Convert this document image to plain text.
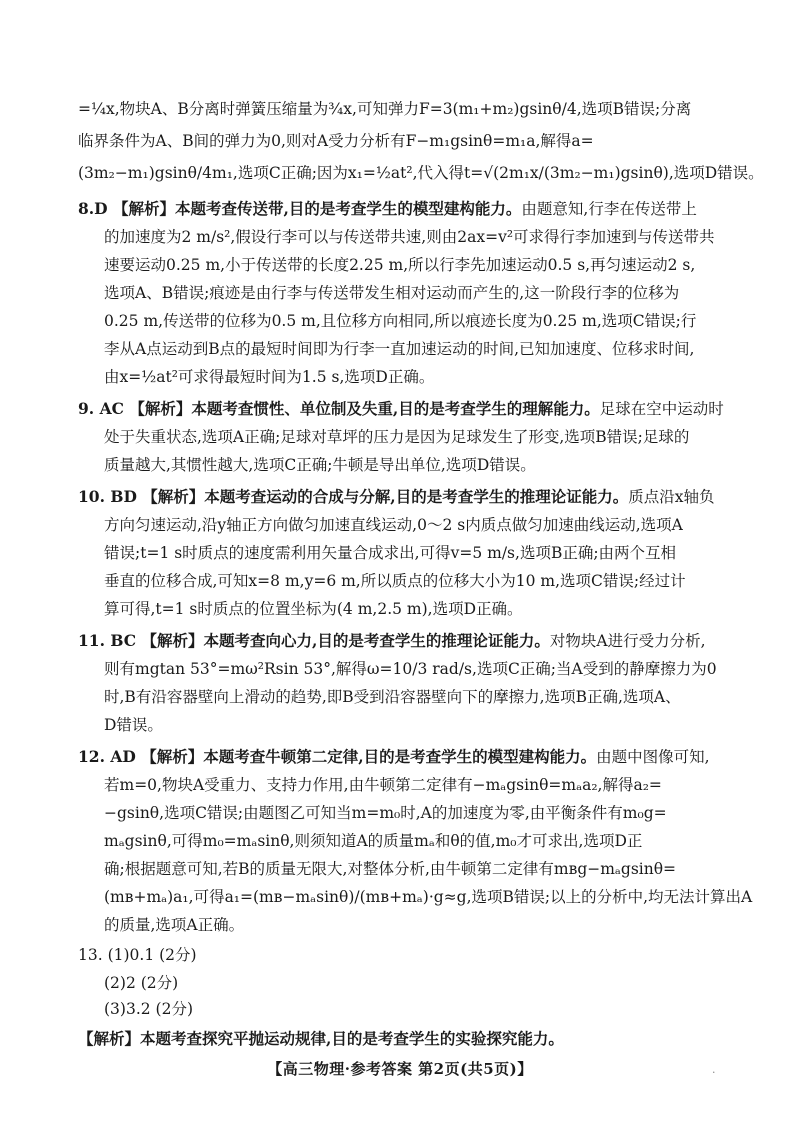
=¼x,物块A、B分离时弹簧压缩量为¾x,可知弹力F=3(m₁+m₂)gsinθ/4,选项B错误;分离
临界条件为A、B间的弹力为0,则对A受力分析有F−m₁gsinθ=m₁a,解得a=
(3m₂−m₁)gsinθ/4m₁,选项C正确;因为x₁=½at²,代入得t=√(2m₁x/(3m₂−m₁)gsinθ),选项D错误。
8.D 【解析】本题考查传送带,目的是考查学生的模型建构能力。由题意知,行李在传送带上
的加速度为2 m/s²,假设行李可以与传送带共速,则由2ax=v²可求得行李加速到与传送带共
速要运动0.25 m,小于传送带的长度2.25 m,所以行李先加速运动0.5 s,再匀速运动2 s,
选项A、B错误;痕迹是由行李与传送带发生相对运动而产生的,这一阶段行李的位移为
0.25 m,传送带的位移为0.5 m,且位移方向相同,所以痕迹长度为0.25 m,选项C错误;行
李从A点运动到B点的最短时间即为行李一直加速运动的时间,已知加速度、位移求时间,
由x=½at²可求得最短时间为1.5 s,选项D正确。
9. AC 【解析】本题考查惯性、单位制及失重,目的是考查学生的理解能力。足球在空中运动时
处于失重状态,选项A正确;足球对草坪的压力是因为足球发生了形变,选项B错误;足球的
质量越大,其惯性越大,选项C正确;牛顿是导出单位,选项D错误。
10. BD 【解析】本题考查运动的合成与分解,目的是考查学生的推理论证能力。质点沿x轴负
方向匀速运动,沿y轴正方向做匀加速直线运动,0～2 s内质点做匀加速曲线运动,选项A
错误;t=1 s时质点的速度需利用矢量合成求出,可得v=5 m/s,选项B正确;由两个互相
垂直的位移合成,可知x=8 m,y=6 m,所以质点的位移大小为10 m,选项C错误;经过计
算可得,t=1 s时质点的位置坐标为(4 m,2.5 m),选项D正确。
11. BC 【解析】本题考查向心力,目的是考查学生的推理论证能力。对物块A进行受力分析,
则有mgtan 53°=mω²Rsin 53°,解得ω=10/3 rad/s,选项C正确;当A受到的静摩擦力为0
时,B有沿容器壁向上滑动的趋势,即B受到沿容器壁向下的摩擦力,选项B正确,选项A、
D错误。
12. AD 【解析】本题考查牛顿第二定律,目的是考查学生的模型建构能力。由题中图像可知,
若m=0,物块A受重力、支持力作用,由牛顿第二定律有−mₐgsinθ=mₐa₂,解得a₂=
−gsinθ,选项C错误;由题图乙可知当m=m₀时,A的加速度为零,由平衡条件有m₀g=
mₐgsinθ,可得m₀=mₐsinθ,则须知道A的质量mₐ和θ的值,m₀才可求出,选项D正
确;根据题意可知,若B的质量无限大,对整体分析,由牛顿第二定律有mʙg−mₐgsinθ=
(mʙ+mₐ)a₁,可得a₁=(mʙ−mₐsinθ)/(mʙ+mₐ)·g≈g,选项B错误;以上的分析中,均无法计算出A
的质量,选项A正确。
13. (1)0.1 (2分)
(2)2 (2分)
(3)3.2 (2分)
【解析】本题考查探究平抛运动规律,目的是考查学生的实验探究能力。
【高三物理·参考答案 第2页(共5页)】	·
